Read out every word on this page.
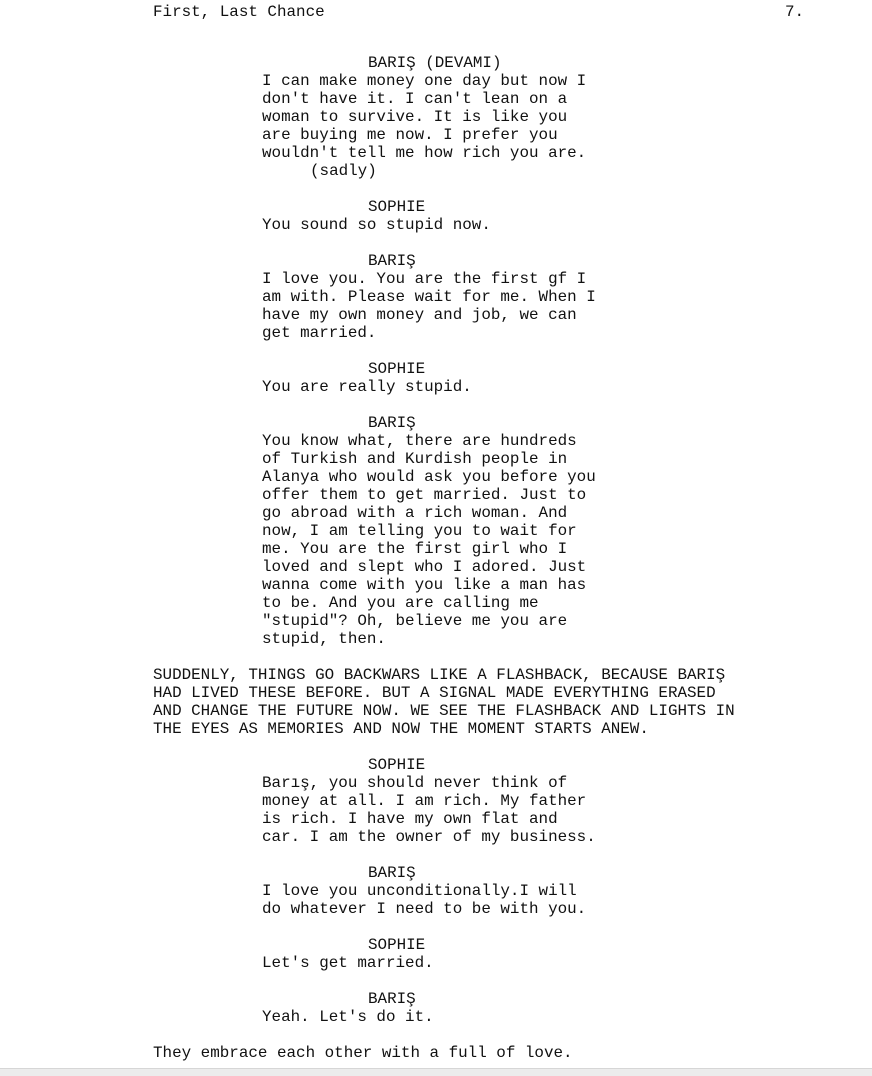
First, Last Chance	7.
BARIŞ (DEVAMI)
I can make money one day but now I
don't have it. I can't lean on a
woman to survive. It is like you
are buying me now. I prefer you
wouldn't tell me how rich you are.
(sadly)
SOPHIE
You sound so stupid now.
BARIŞ
I love you. You are the first gf I
am with. Please wait for me. When I
have my own money and job, we can
get married.
SOPHIE
You are really stupid.
BARIŞ
You know what, there are hundreds
of Turkish and Kurdish people in
Alanya who would ask you before you
offer them to get married. Just to
go abroad with a rich woman. And
now, I am telling you to wait for
me. You are the first girl who I
loved and slept who I adored. Just
wanna come with you like a man has
to be. And you are calling me
"stupid"? Oh, believe me you are
stupid, then.
SUDDENLY, THINGS GO BACKWARS LIKE A FLASHBACK, BECAUSE BARIŞ
HAD LIVED THESE BEFORE. BUT A SIGNAL MADE EVERYTHING ERASED
AND CHANGE THE FUTURE NOW. WE SEE THE FLASHBACK AND LIGHTS IN
THE EYES AS MEMORIES AND NOW THE MOMENT STARTS ANEW.
SOPHIE
Barış, you should never think of
money at all. I am rich. My father
is rich. I have my own flat and
car. I am the owner of my business.
BARIŞ
I love you unconditionally.I will
do whatever I need to be with you.
SOPHIE
Let's get married.
BARIŞ
Yeah. Let's do it.
They embrace each other with a full of love.
